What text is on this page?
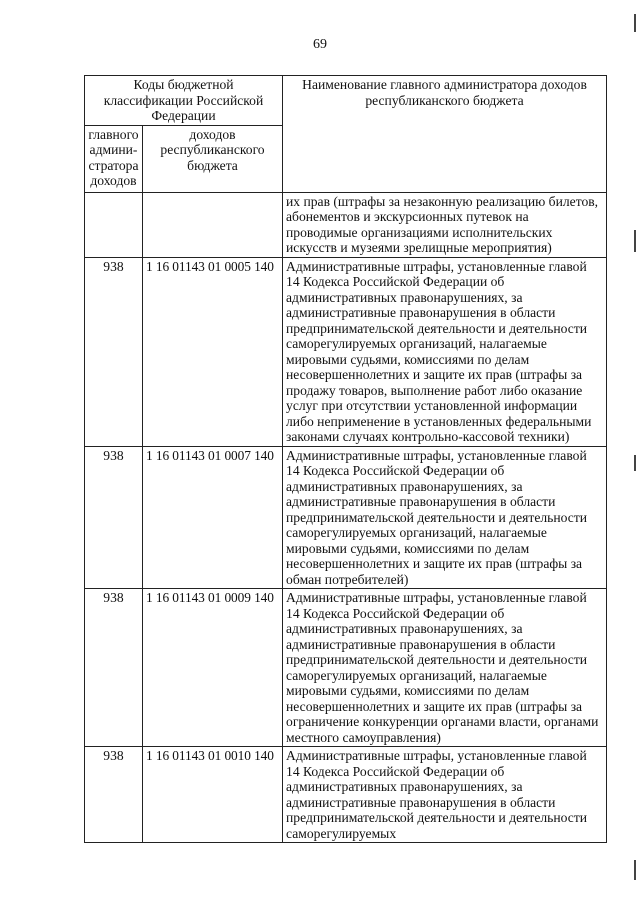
69
Коды бюджетной классификации Российской Федерации		Наименование главного администратора доходов республиканского бюджета
главного админи-стратора доходов	доходов республиканского бюджета	
		их прав (штрафы за незаконную реализацию билетов, абонементов и экскурсионных путевок на проводимые организациями исполнительских искусств и музеями зрелищные мероприятия)
938	1 16 01143 01 0005 140	Административные штрафы, установленные главой 14 Кодекса Российской Федерации об административных правонарушениях, за административные правонарушения в области предпринимательской деятельности и деятельности саморегулируемых организаций, налагаемые мировыми судьями, комиссиями по делам несовершеннолетних и защите их прав (штрафы за продажу товаров, выполнение работ либо оказание услуг при отсутствии установленной информации либо неприменение в установленных федеральными законами случаях контрольно-кассовой техники)
938	1 16 01143 01 0007 140	Административные штрафы, установленные главой 14 Кодекса Российской Федерации об административных правонарушениях, за административные правонарушения в области предпринимательской деятельности и деятельности саморегулируемых организаций, налагаемые мировыми судьями, комиссиями по делам несовершеннолетних и защите их прав (штрафы за обман потребителей)
938	1 16 01143 01 0009 140	Административные штрафы, установленные главой 14 Кодекса Российской Федерации об административных правонарушениях, за административные правонарушения в области предпринимательской деятельности и деятельности саморегулируемых организаций, налагаемые мировыми судьями, комиссиями по делам несовершеннолетних и защите их прав (штрафы за ограничение конкуренции органами власти, органами местного самоуправления)
938	1 16 01143 01 0010 140	Административные штрафы, установленные главой 14 Кодекса Российской Федерации об административных правонарушениях, за административные правонарушения в области предпринимательской деятельности и деятельности саморегулируемых
